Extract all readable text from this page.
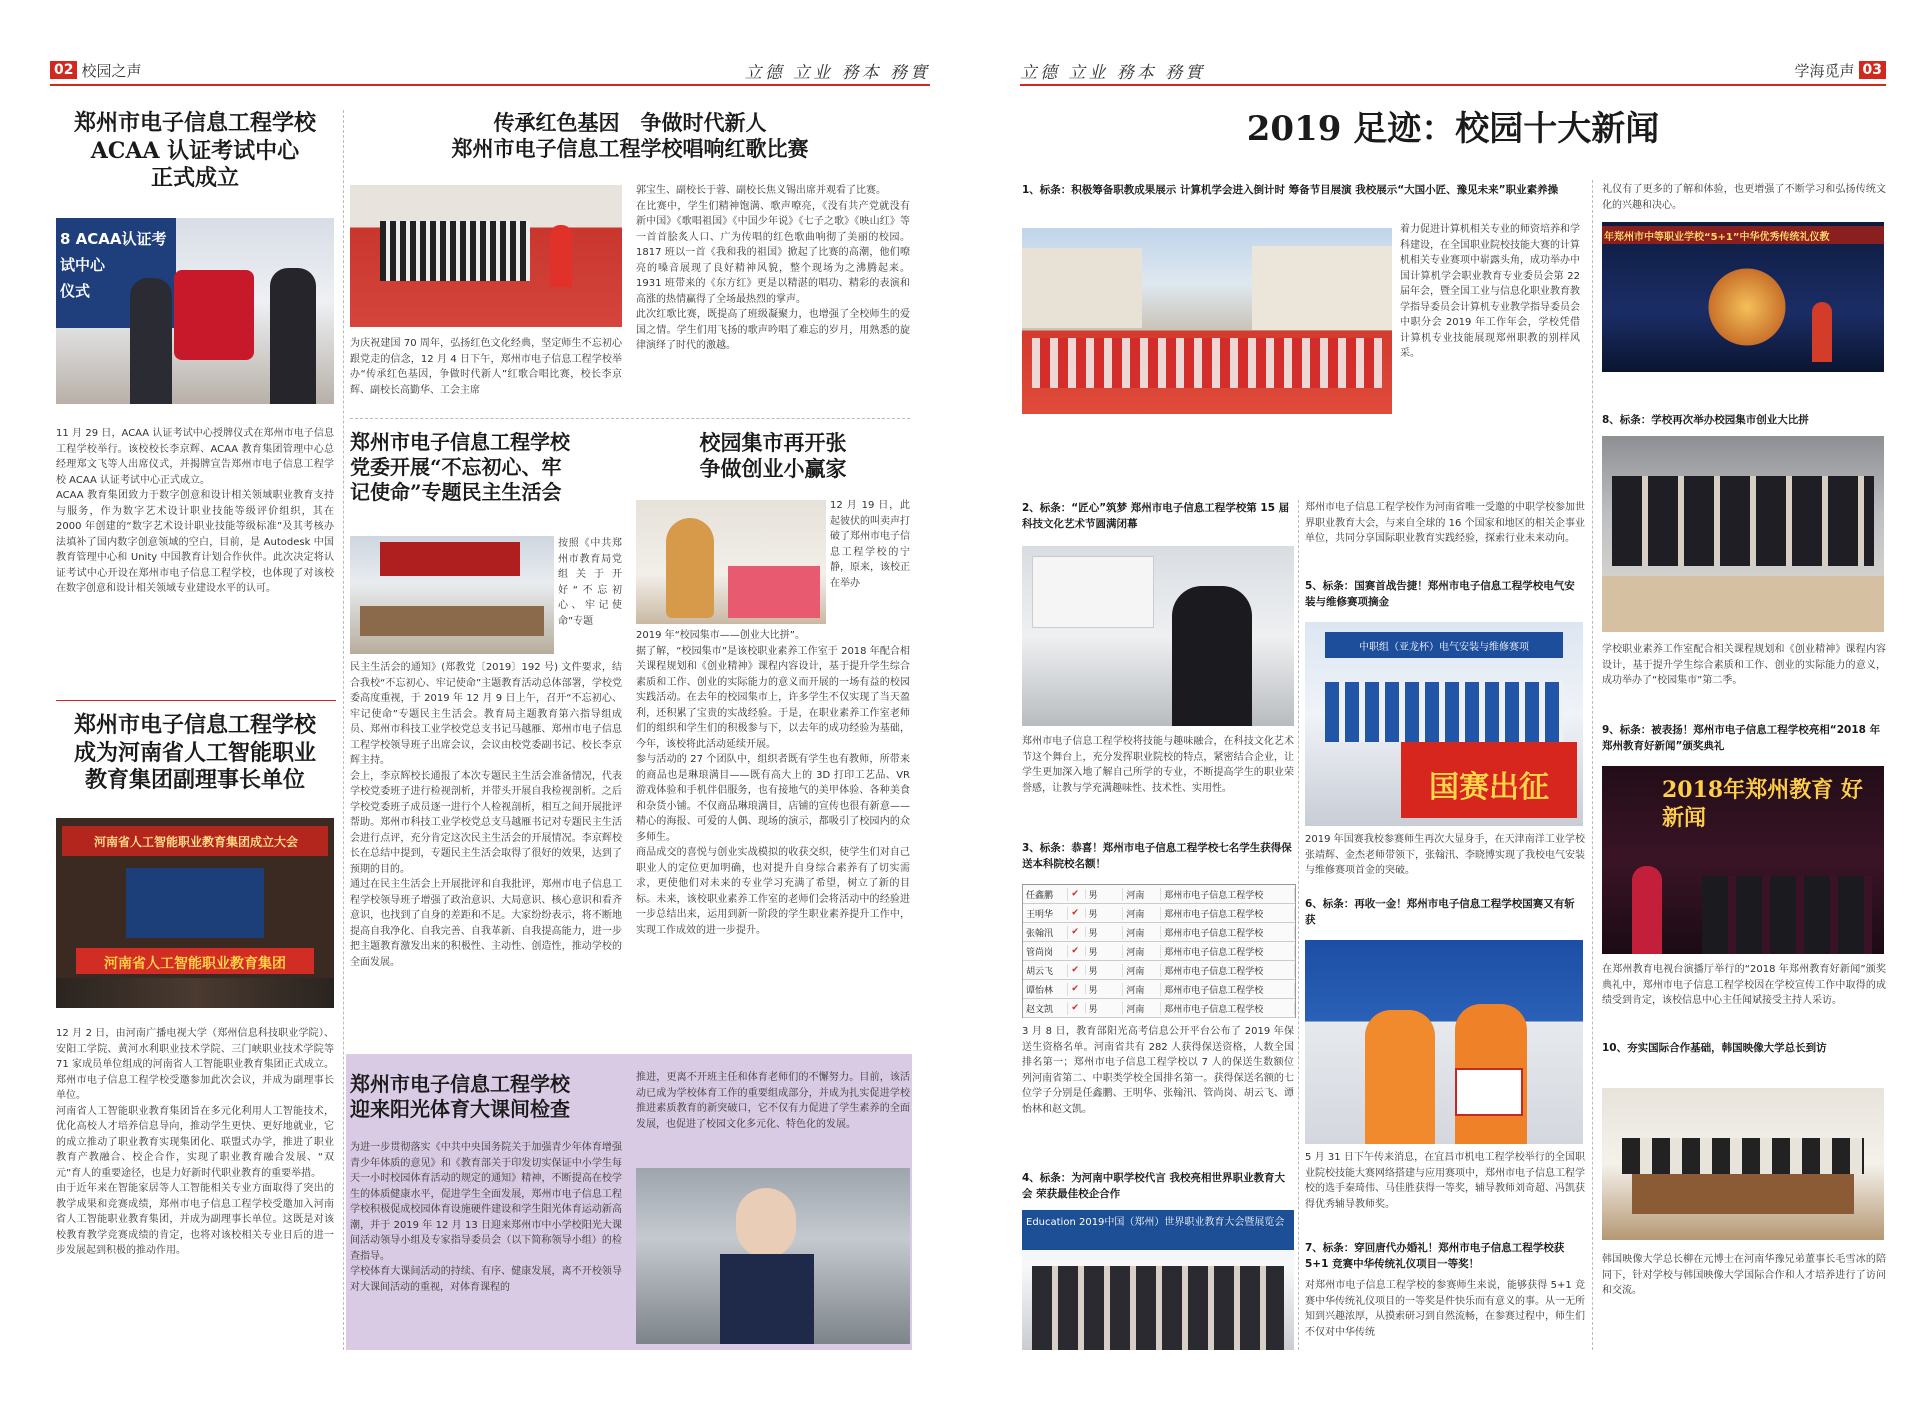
02 校园之声	立德 立业 務本 務實
郑州市电子信息工程学校
ACAA 认证考试中心
正式成立
8 ACAA认证考试中心
仪式
11 月 29 日，ACAA 认证考试中心授牌仪式在郑州市电子信息工程学校举行。该校校长李京辉、ACAA 教育集团管理中心总经理郑文飞等人出席仪式，并揭牌宣告郑州市电子信息工程学校 ACAA 认证考试中心正式成立。
ACAA 教育集团致力于数字创意和设计相关领域职业教育支持与服务，作为数字艺术设计职业技能等级评价组织，其在 2000 年创建的“数字艺术设计职业技能等级标准”及其考核办法填补了国内数字创意领域的空白，目前，是 Autodesk 中国教育管理中心和 Unity 中国教育计划合作伙伴。此次决定将认证考试中心开设在郑州市电子信息工程学校，也体现了对该校在数字创意和设计相关领域专业建设水平的认可。
郑州市电子信息工程学校
成为河南省人工智能职业
教育集团副理事长单位
河南省人工智能职业教育集团成立大会
河南省人工智能职业教育集团
12 月 2 日，由河南广播电视大学（郑州信息科技职业学院）、安阳工学院、黄河水利职业技术学院、三门峡职业技术学院等 71 家成员单位组成的河南省人工智能职业教育集团正式成立。郑州市电子信息工程学校受邀参加此次会议，并成为副理事长单位。
河南省人工智能职业教育集团旨在多元化利用人工智能技术，优化高校人才培养信息导向，推动学生更快、更好地就业，它的成立推动了职业教育实现集团化、联盟式办学，推进了职业教育产教融合、校企合作，实现了职业教育融合发展、“双元”育人的重要途径，也是力好新时代职业教育的重要举措。
由于近年来在智能家居等人工智能相关专业方面取得了突出的教学成果和竞赛成绩，郑州市电子信息工程学校受邀加入河南省人工智能职业教育集团，并成为副理事长单位。这既是对该校教育教学竞赛成绩的肯定，也将对该校相关专业日后的进一步发展起到积极的推动作用。
传承红色基因　争做时代新人
郑州市电子信息工程学校唱响红歌比赛
为庆祝建国 70 周年，弘扬红色文化经典，坚定师生不忘初心跟党走的信念，12 月 4 日下午，郑州市电子信息工程学校举办“传承红色基因，争做时代新人”红歌合唱比赛，校长李京辉、副校长高勤华、工会主席
郭宝生、副校长于蓉、副校长焦义锡出席并观看了比赛。
在比赛中，学生们精神饱满、歌声嘹亮，《没有共产党就没有新中国》《歌唱祖国》《中国少年说》《七子之歌》《映山红》等一首首脍炙人口、广为传唱的红色歌曲响彻了美丽的校园。1817 班以一首《我和我的祖国》掀起了比赛的高潮，他们嘹亮的嗓音展现了良好精神风貌，整个现场为之沸腾起来。1931 班带来的《东方红》更是以精湛的唱功、精彩的表演和高涨的热情赢得了全场最热烈的掌声。
此次红歌比赛，既提高了班级凝聚力，也增强了全校师生的爱国之情。学生们用飞扬的歌声吟唱了难忘的岁月，用熟悉的旋律演绎了时代的激越。
郑州市电子信息工程学校
党委开展“不忘初心、牢
记使命”专题民主生活会
按照《中共郑州市教育局党组关于开好“不忘初心、牢记使命”专题
民主生活会的通知》(郑教党〔2019〕192 号) 文件要求，结合我校“不忘初心、牢记使命”主题教育活动总体部署，学校党委高度重视，于 2019 年 12 月 9 日上午，召开“不忘初心、牢记使命”专题民主生活会。教育局主题教育第六指导组成员、郑州市科技工业学校党总支书记马越雁、郑州市电子信息工程学校领导班子出席会议，会议由校党委副书记、校长李京辉主持。
会上，李京辉校长通报了本次专题民主生活会准备情况，代表学校党委班子进行检视剖析，并带头开展自我检视剖析。之后学校党委班子成员逐一进行个人检视剖析，相互之间开展批评帮助。郑州市科技工业学校党总支马越雁书记对专题民主生活会进行点评，充分肯定这次民主生活会的开展情况。李京辉校长在总结中提到，专题民主生活会取得了很好的效果，达到了预期的目的。
通过在民主生活会上开展批评和自我批评，郑州市电子信息工程学校领导班子增强了政治意识、大局意识、核心意识和看齐意识，也找到了自身的差距和不足。大家纷纷表示，将不断地提高自我净化、自我完善、自我革新、自我提高能力，进一步把主题教育激发出来的积极性、主动性、创造性，推动学校的全面发展。
校园集市再开张
争做创业小赢家
12 月 19 日，此起彼伏的叫卖声打破了郑州市电子信息工程学校的宁静，原来，该校正在举办
2019 年“校园集市——创业大比拼”。
据了解，“校园集市”是该校职业素养工作室于 2018 年配合相关课程规划和《创业精神》课程内容设计，基于提升学生综合素质和工作、创业的实际能力的意义而开展的一场有益的校园实践活动。在去年的校园集市上，许多学生不仅实现了当天盈利，还积累了宝贵的实战经验。于是，在职业素养工作室老师们的组织和学生们的积极参与下，以去年的成功经验为基础，今年，该校将此活动延续开展。
参与活动的 27 个团队中，组织者既有学生也有教师，所带来的商品也是琳琅满目——既有高大上的 3D 打印工艺品、VR 游戏体验和手机伴侣服务，也有接地气的美甲体验、各种美食和杂货小铺。不仅商品琳琅满目，店铺的宣传也很有新意——精心的海报、可爱的人偶、现场的演示，都吸引了校园内的众多师生。
商品成交的喜悦与创业实战模拟的收获交织，使学生们对自己职业人的定位更加明确，也对提升自身综合素养有了切实需求，更使他们对未来的专业学习充满了希望，树立了新的目标。未来，该校职业素养工作室的老师们会将活动中的经验进一步总结出来，运用到新一阶段的学生职业素养提升工作中，实现工作成效的进一步提升。
郑州市电子信息工程学校
迎来阳光体育大课间检查
为进一步贯彻落实《中共中央国务院关于加强青少年体育增强青少年体质的意见》和《教育部关于印发切实保证中小学生每天一小时校园体育活动的规定的通知》精神，不断提高在校学生的体质健康水平，促进学生全面发展，郑州市电子信息工程学校积极促成校园体育设施硬件建设和学生阳光体育运动新高潮，并于 2019 年 12 月 13 日迎来郑州市中小学校阳光大课间活动领导小组及专家指导委员会（以下简称领导小组）的检查指导。
学校体育大课间活动的持续、有序、健康发展，离不开校领导对大课间活动的重视，对体育课程的
推进，更离不开班主任和体育老师们的不懈努力。目前，该活动已成为学校体育工作的重要组成部分，并成为扎实促进学校推进素质教育的新突破口，它不仅有力促进了学生素养的全面发展，也促进了校园文化多元化、特色化的发展。
立德 立业 務本 務實	学海觅声 03
2019 足迹：校园十大新闻
1、标条：积极筹备职教成果展示 计算机学会进入倒计时 筹备节目展演 我校展示“大国小匠、豫见未来”职业素养操
着力促进计算机相关专业的师资培养和学科建设，在全国职业院校技能大赛的计算机相关专业赛项中崭露头角，成功举办中国计算机学会职业教育专业委员会第 22 届年会，暨全国工业与信息化职业教育教学指导委员会计算机专业教学指导委员会中职分会 2019 年工作年会，学校凭借计算机专业技能展现郑州职教的别样风采。
2、标条：“匠心”筑梦 郑州市电子信息工程学校第 15 届科技文化艺术节圆满闭幕
郑州市电子信息工程学校将技能与趣味融合，在科技文化艺术节这个舞台上，充分发挥职业院校的特点，紧密结合企业，让学生更加深入地了解自己所学的专业，不断提高学生的职业荣誉感，让教与学充满趣味性、技术性、实用性。
3、标条：恭喜！郑州市电子信息工程学校七名学生获得保送本科院校名额！
任鑫鹏	✔	男	河南	郑州市电子信息工程学校
王明华	✔	男	河南	郑州市电子信息工程学校
张翰汛	✔	男	河南	郑州市电子信息工程学校
管尚岗	✔	男	河南	郑州市电子信息工程学校
胡云飞	✔	男	河南	郑州市电子信息工程学校
谭怡林	✔	男	河南	郑州市电子信息工程学校
赵文凯	✔	男	河南	郑州市电子信息工程学校
3 月 8 日，教育部阳光高考信息公开平台公布了 2019 年保送生资格名单。河南省共有 282 人获得保送资格，人数全国排名第一；郑州市电子信息工程学校以 7 人的保送生数额位列河南省第二、中职类学校全国排名第一。获得保送名额的七位学子分别是任鑫鹏、王明华、张翰汛、管尚岗、胡云飞、谭怡林和赵文凯。
4、标条：为河南中职学校代言 我校亮相世界职业教育大会 荣获最佳校企合作
Education 2019中国（郑州）世界职业教育大会暨展览会
郑州市电子信息工程学校作为河南省唯一受邀的中职学校参加世界职业教育大会，与来自全球的 16 个国家和地区的相关企事业单位，共同分享国际职业教育实践经验，探索行业未来动向。
5、标条：国赛首战告捷！郑州市电子信息工程学校电气安装与维修赛项摘金
中职组（亚龙杯）电气安装与维修赛项
国赛出征
2019 年国赛我校参赛师生再次大显身手，在天津南洋工业学校张靖辉、金杰老师带领下，张翰汛、李晓博实现了我校电气安装与维修赛项首金的突破。
6、标条：再收一金！郑州市电子信息工程学校国赛又有斩获
5 月 31 日下午传来消息，在宜昌市机电工程学校举行的全国职业院校技能大赛网络搭建与应用赛项中，郑州市电子信息工程学校的选手秦琦伟、马佳胜获得一等奖，辅导教师刘奇超、冯凯获得优秀辅导教师奖。
7、标条：穿回唐代办婚礼！郑州市电子信息工程学校获 5+1 竞赛中华传统礼仪项目一等奖！
对郑州市电子信息工程学校的参赛师生来说，能够获得 5+1 竞赛中华传统礼仪项目的一等奖是件快乐而有意义的事。从一无所知到兴趣浓厚，从摸索研习到自然流畅，在参赛过程中，师生们不仅对中华传统
礼仪有了更多的了解和体验，也更增强了不断学习和弘扬传统文化的兴趣和决心。
年郑州市中等职业学校“5+1”中华优秀传统礼仪教
8、标条：学校再次举办校园集市创业大比拼
学校职业素养工作室配合相关课程规划和《创业精神》课程内容设计，基于提升学生综合素质和工作、创业的实际能力的意义，成功举办了“校园集市”第二季。
9、标条：被表扬！郑州市电子信息工程学校亮相“2018 年郑州教育好新闻”颁奖典礼
2018年郑州教育 好新闻
在郑州教育电视台演播厅举行的“2018 年郑州教育好新闻”颁奖典礼中，郑州市电子信息工程学校因在学校宣传工作中取得的成绩受到肯定，该校信息中心主任闻斌接受主持人采访。
10、夯实国际合作基础，韩国映像大学总长到访
韩国映像大学总长柳在元博士在河南华豫兄弟董事长毛雪冰的陪同下，针对学校与韩国映像大学国际合作和人才培养进行了访问和交流。
